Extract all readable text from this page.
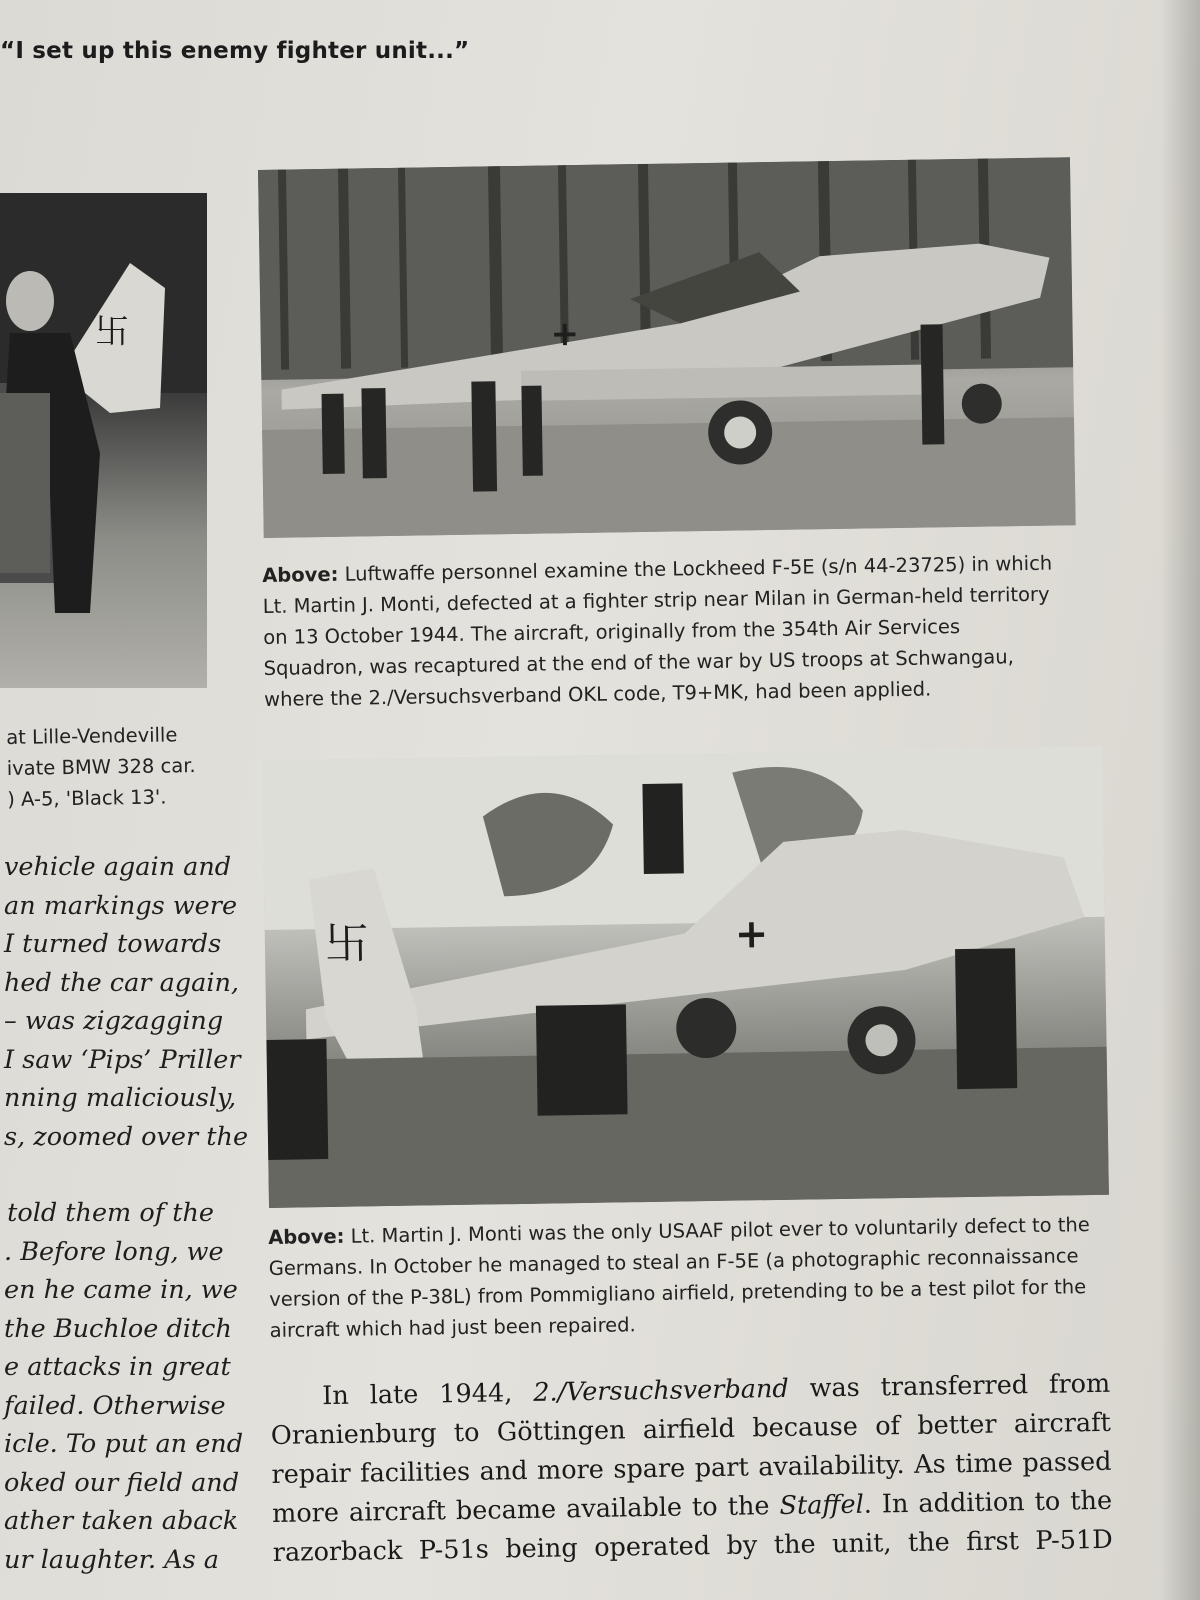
“I set up this enemy fighter unit...”
卐	+
Above: Luftwaffe personnel examine the Lockheed F-5E (s/n 44-23725) in which Lt. Martin J. Monti, defected at a fighter strip near Milan in German-held territory on 13 October 1944. The aircraft, originally from the 354th Air Services Squadron, was recaptured at the end of the war by US troops at Schwangau, where the 2./Versuchsverband OKL code, T9+MK, had been applied.
at Lille-Vendeville
ivate BMW 328 car.
) A-5, 'Black 13'.
卐	+
Above: Lt. Martin J. Monti was the only USAAF pilot ever to voluntarily defect to the Germans. In October he managed to steal an F-5E (a photographic reconnaissance version of the P-38L) from Pommigliano airfield, pretending to be a test pilot for the aircraft which had just been repaired.
vehicle again and
an markings were
I turned towards
hed the car again,
– was zigzagging
I saw ‘Pips’ Priller
nning maliciously,
s, zoomed over the
told them of the
. Before long, we
en he came in, we
the Buchloe ditch
e attacks in great
failed. Otherwise
icle. To put an end
oked our field and
ather taken aback
ur laughter. As a
In late 1944, 2./Versuchsverband was transferred from
Oranienburg to Göttingen airfield because of better aircraft
repair facilities and more spare part availability. As time passed
more aircraft became available to the Staffel. In addition to the
razorback P-51s being operated by the unit, the first P-51D
